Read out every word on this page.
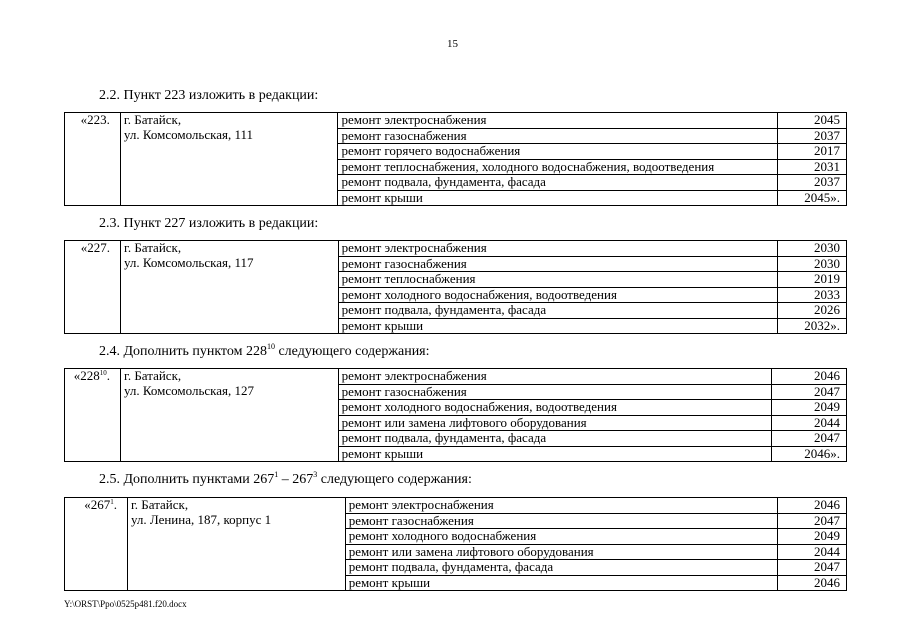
15
2.2. Пункт 223 изложить в редакции:
«223.	г. Батайск,
ул. Комсомольская, 111	ремонт электроснабжения	2045
		ремонт газоснабжения	2037
		ремонт горячего водоснабжения	2017
		ремонт теплоснабжения, холодного водоснабжения, водоотведения	2031
		ремонт подвала, фундамента, фасада	2037
		ремонт крыши	2045».
2.3. Пункт 227 изложить в редакции:
«227.	г. Батайск,
ул. Комсомольская, 117	ремонт электроснабжения	2030
		ремонт газоснабжения	2030
		ремонт теплоснабжения	2019
		ремонт холодного водоснабжения, водоотведения	2033
		ремонт подвала, фундамента, фасада	2026
		ремонт крыши	2032».
2.4. Дополнить пунктом $228^{10}$ следующего содержания:
«$228^{10}$.	г. Батайск,
ул. Комсомольская, 127	ремонт электроснабжения	2046
		ремонт газоснабжения	2047
		ремонт холодного водоснабжения, водоотведения	2049
		ремонт или замена лифтового оборудования	2044
		ремонт подвала, фундамента, фасада	2047
		ремонт крыши	2046».
2.5. Дополнить пунктами $267^1 - 267^3$ следующего содержания:
«$267^1$.	г. Батайск,
ул. Ленина, 187, корпус 1	ремонт электроснабжения	2046
		ремонт газоснабжения	2047
		ремонт холодного водоснабжения	2049
		ремонт или замена лифтового оборудования	2044
		ремонт подвала, фундамента, фасада	2047
		ремонт крыши	2046
Y:\ORST\Ppo\0525p481.f20.docx
